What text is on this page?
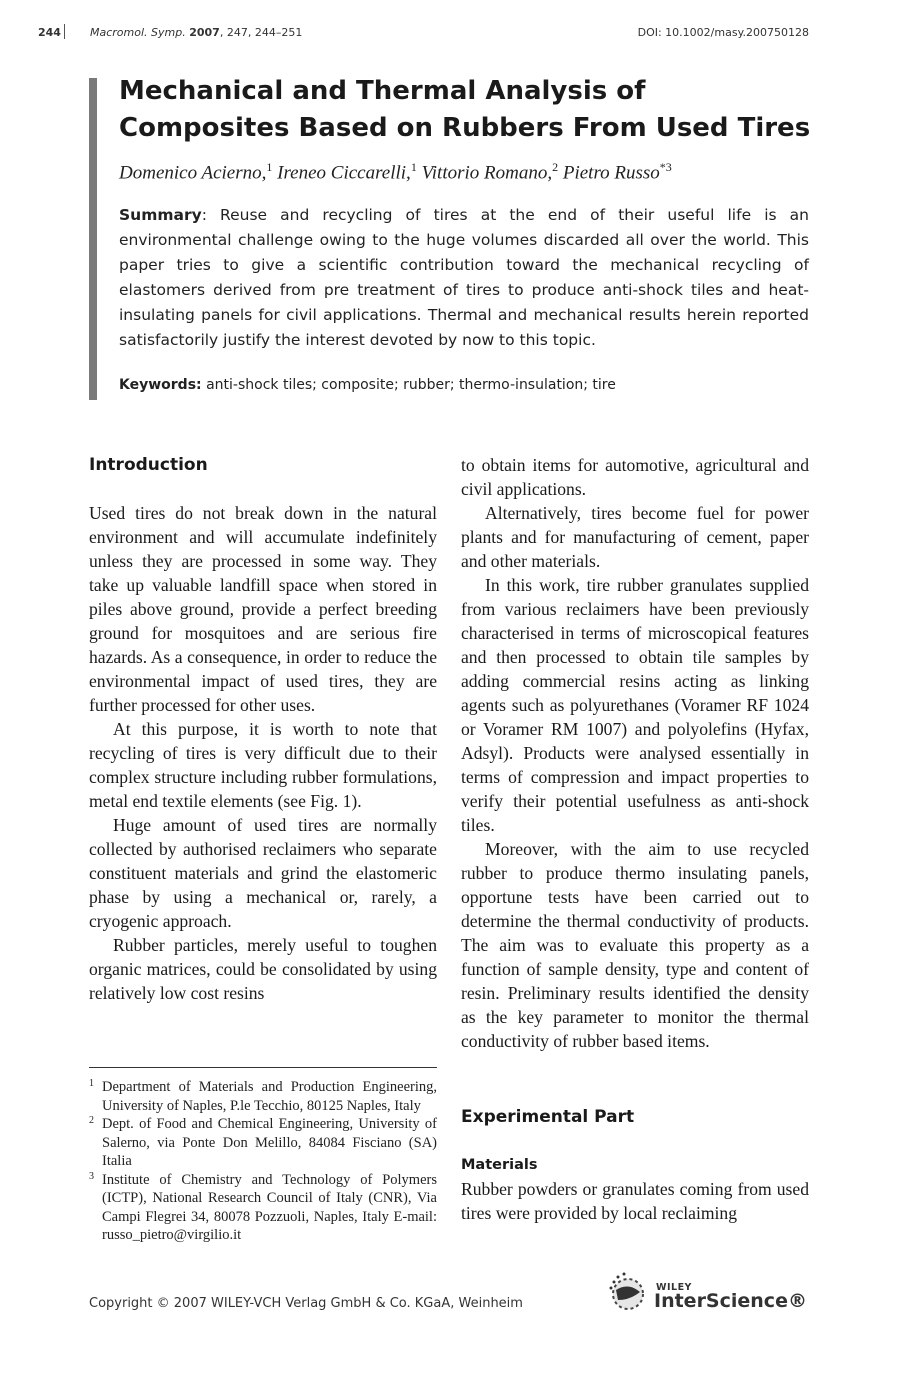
244	Macromol. Symp. 2007, 247, 244–251	DOI: 10.1002/masy.200750128
Mechanical and Thermal Analysis of Composites Based on Rubbers From Used Tires
Domenico Acierno,$^1$ Ireneo Ciccarelli,$^1$ Vittorio Romano,$^2$ Pietro Russo$^{*3}$
Summary: Reuse and recycling of tires at the end of their useful life is an environmental challenge owing to the huge volumes discarded all over the world. This paper tries to give a scientific contribution toward the mechanical recycling of elastomers derived from pre treatment of tires to produce anti-shock tiles and heat-insulating panels for civil applications. Thermal and mechanical results herein reported satisfactorily justify the interest devoted by now to this topic.
Keywords: anti-shock tiles; composite; rubber; thermo-insulation; tire
Introduction

Used tires do not break down in the natural environment and will accumulate indefinitely unless they are processed in some way. They take up valuable landfill space when stored in piles above ground, provide a perfect breeding ground for mosquitoes and are serious fire hazards. As a consequence, in order to reduce the environmental impact of used tires, they are further processed for other uses.

At this purpose, it is worth to note that recycling of tires is very difficult due to their complex structure including rubber formulations, metal end textile elements (see Fig. 1).

Huge amount of used tires are normally collected by authorised reclaimers who separate constituent materials and grind the elastomeric phase by using a mechanical or, rarely, a cryogenic approach.

Rubber particles, merely useful to toughen organic matrices, could be consolidated by using relatively low cost resins

1 Department of Materials and Production Engineering, University of Naples, P.le Tecchio, 80125 Naples, Italy
2 Dept. of Food and Chemical Engineering, University of Salerno, via Ponte Don Melillo, 84084 Fisciano (SA) Italia
3 Institute of Chemistry and Technology of Polymers (ICTP), National Research Council of Italy (CNR), Via Campi Flegrei 34, 80078 Pozzuoli, Naples, Italy E-mail: russo_pietro@virgilio.it

to obtain items for automotive, agricultural and civil applications.

Alternatively, tires become fuel for power plants and for manufacturing of cement, paper and other materials.

In this work, tire rubber granulates supplied from various reclaimers have been previously characterised in terms of microscopical features and then processed to obtain tile samples by adding commercial resins acting as linking agents such as polyurethanes (Voramer RF 1024 or Voramer RM 1007) and polyolefins (Hyfax, Adsyl). Products were analysed essentially in terms of compression and impact properties to verify their potential usefulness as anti-shock tiles.

Moreover, with the aim to use recycled rubber to produce thermo insulating panels, opportune tests have been carried out to determine the thermal conductivity of products. The aim was to evaluate this property as a function of sample density, type and content of resin. Preliminary results identified the density as the key parameter to monitor the thermal conductivity of rubber based items.

Experimental Part
Materials

Rubber powders or granulates coming from used tires were provided by local reclaiming

Copyright © 2007 WILEY-VCH Verlag GmbH & Co. KGaA, Weinheim
WILEY
InterScience®
